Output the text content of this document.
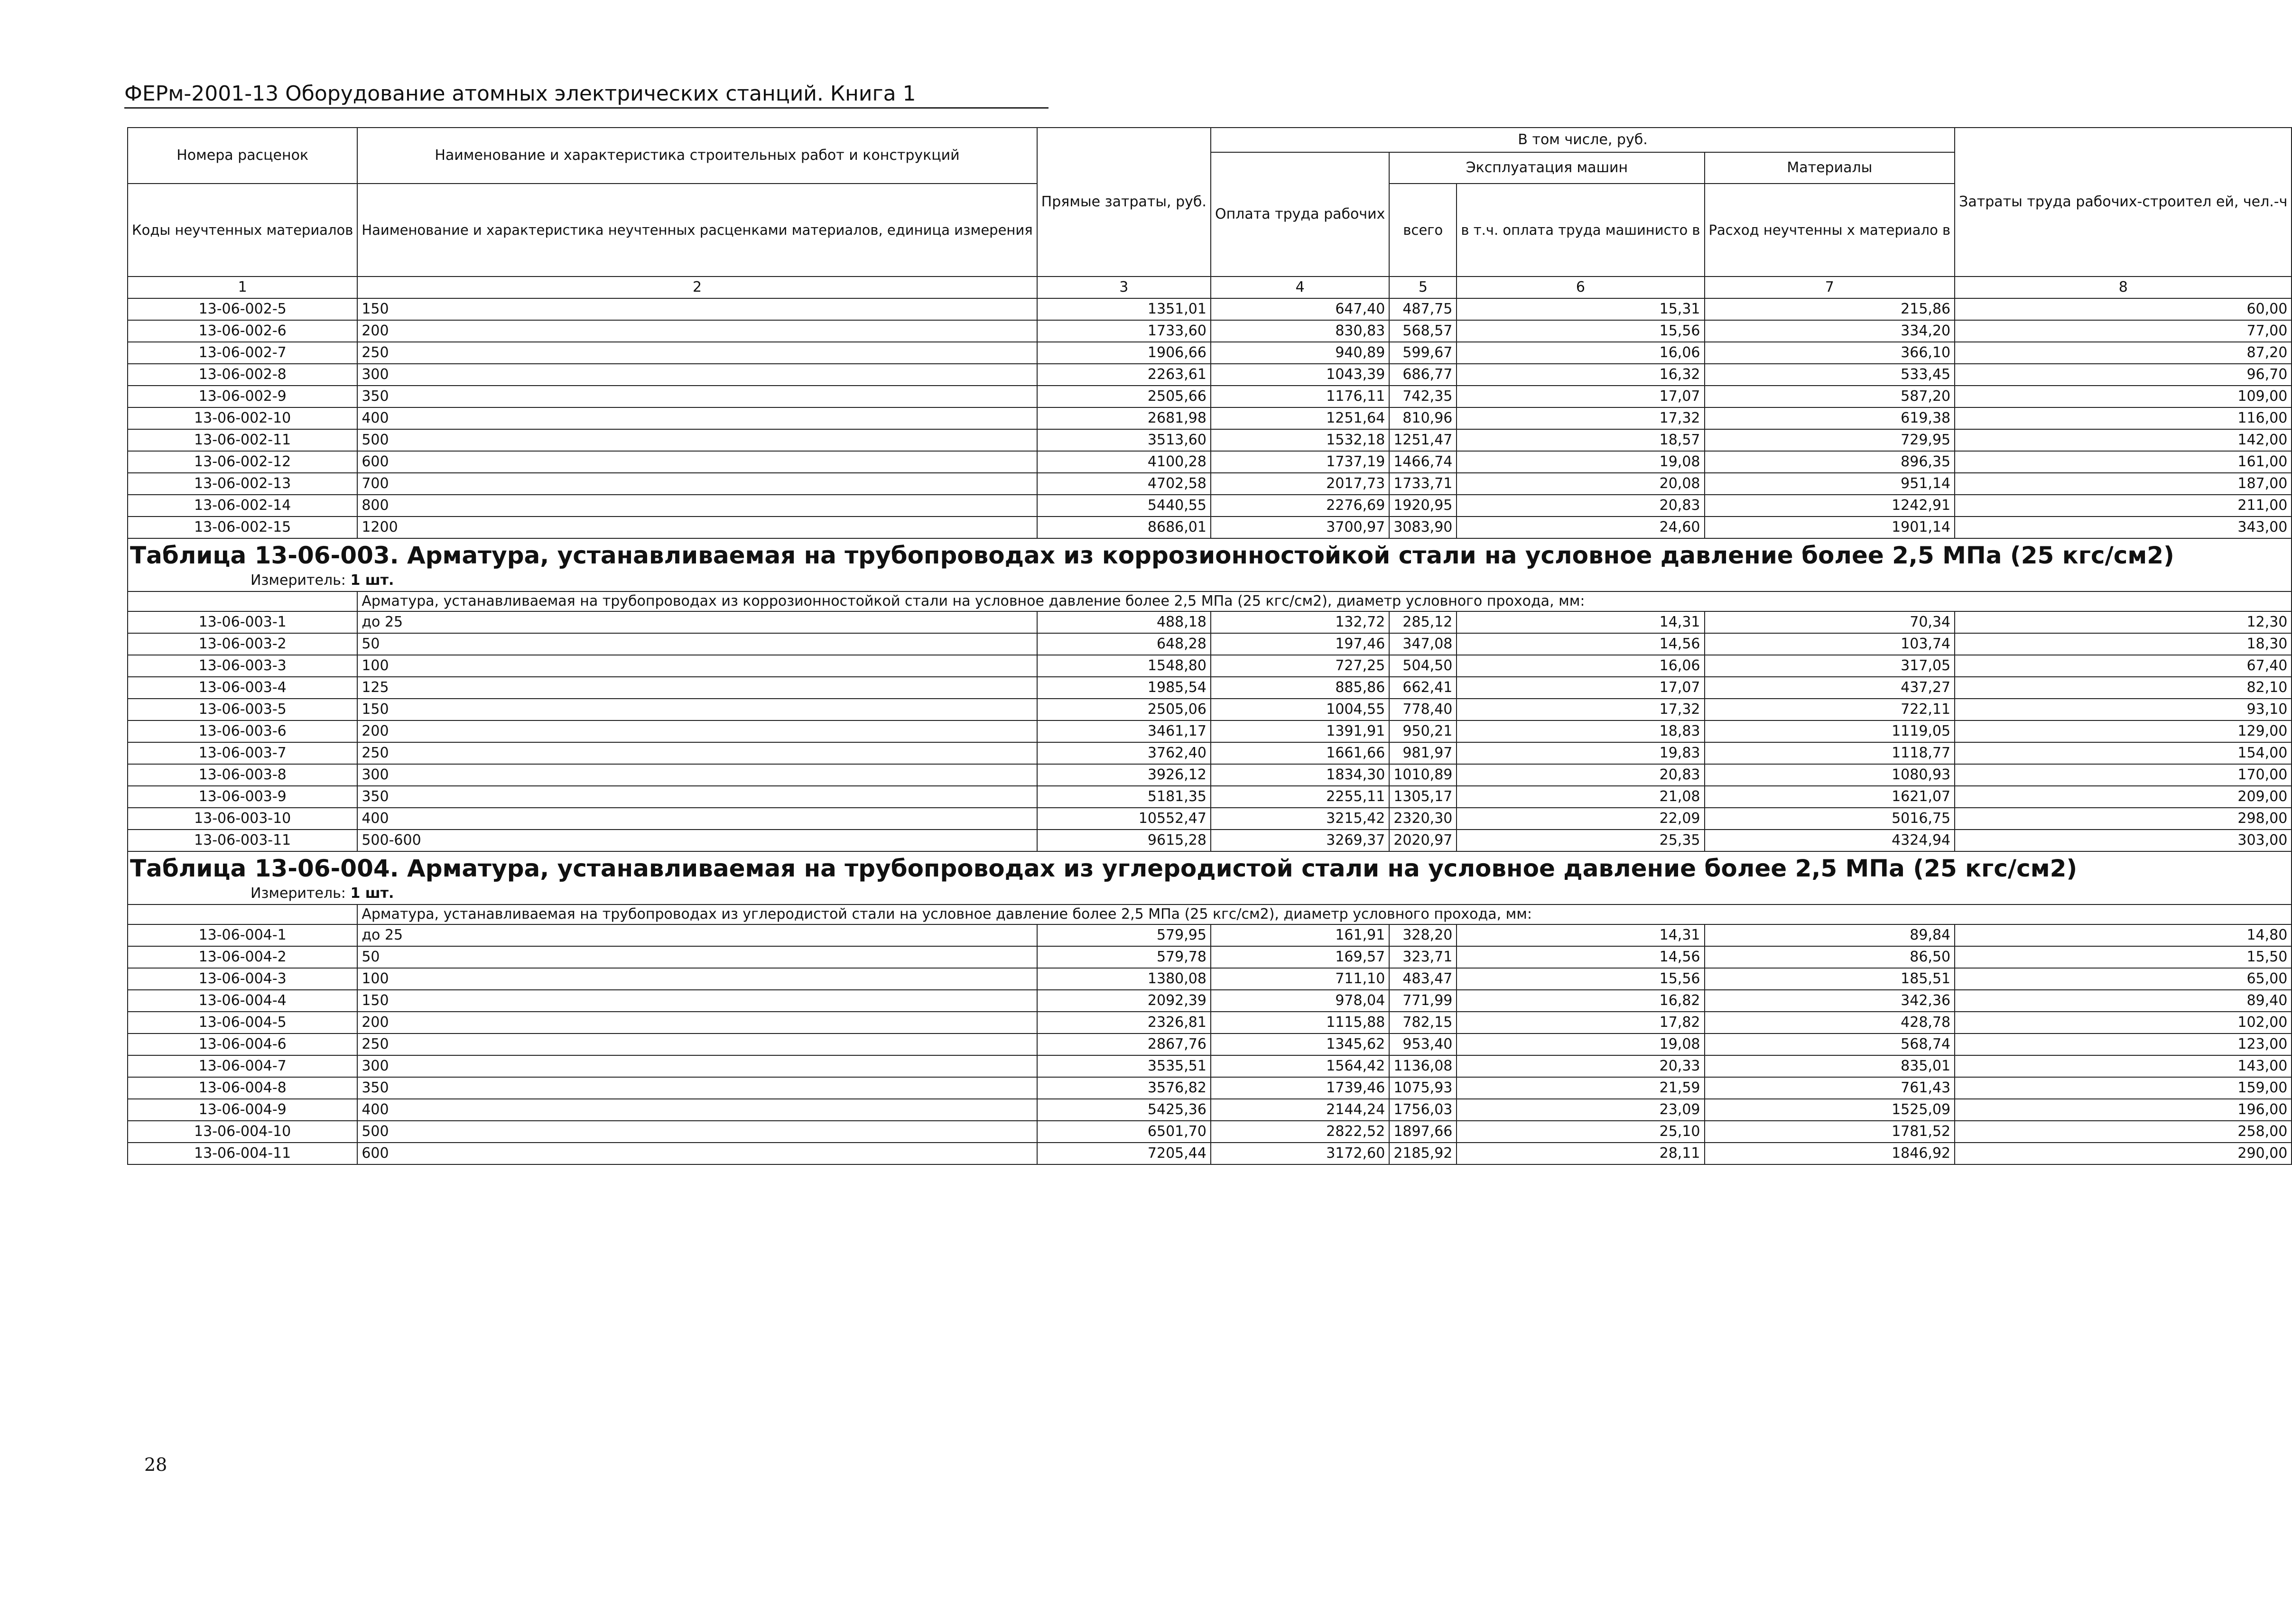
ФЕРм-2001-13 Оборудование атомных электрических станций. Книга 1
Номера расценок	Наименование и характеристика строительных работ и конструкций	Прямые затраты, руб.	В том числе, руб.				Затраты труда рабочих-строител ей, чел.-ч
			Оплата труда рабочих	Эксплуатация машин		Материалы	
Коды неучтенных материалов	Наименование и характеристика неучтенных расценками материалов, единица измерения			всего	в т.ч. оплата труда машинисто в	Расход неучтенны х материало в	
1	2	3	4	5	6	7	8
13-06-002-5	150	1351,01	647,40	487,75	15,31	215,86	60,00
13-06-002-6	200	1733,60	830,83	568,57	15,56	334,20	77,00
13-06-002-7	250	1906,66	940,89	599,67	16,06	366,10	87,20
13-06-002-8	300	2263,61	1043,39	686,77	16,32	533,45	96,70
13-06-002-9	350	2505,66	1176,11	742,35	17,07	587,20	109,00
13-06-002-10	400	2681,98	1251,64	810,96	17,32	619,38	116,00
13-06-002-11	500	3513,60	1532,18	1251,47	18,57	729,95	142,00
13-06-002-12	600	4100,28	1737,19	1466,74	19,08	896,35	161,00
13-06-002-13	700	4702,58	2017,73	1733,71	20,08	951,14	187,00
13-06-002-14	800	5440,55	2276,69	1920,95	20,83	1242,91	211,00
13-06-002-15	1200	8686,01	3700,97	3083,90	24,60	1901,14	343,00
Таблица 13-06-003. Арматура, устанавливаемая на трубопроводах из коррозионностойкой стали на условное давление более 2,5 МПа (25 кгс/см2)							
Измеритель: 1 шт.							
	Арматура, устанавливаемая на трубопроводах из коррозионностойкой стали на условное давление более 2,5 МПа (25 кгс/см2), диаметр условного прохода, мм:						
13-06-003-1	до 25	488,18	132,72	285,12	14,31	70,34	12,30
13-06-003-2	50	648,28	197,46	347,08	14,56	103,74	18,30
13-06-003-3	100	1548,80	727,25	504,50	16,06	317,05	67,40
13-06-003-4	125	1985,54	885,86	662,41	17,07	437,27	82,10
13-06-003-5	150	2505,06	1004,55	778,40	17,32	722,11	93,10
13-06-003-6	200	3461,17	1391,91	950,21	18,83	1119,05	129,00
13-06-003-7	250	3762,40	1661,66	981,97	19,83	1118,77	154,00
13-06-003-8	300	3926,12	1834,30	1010,89	20,83	1080,93	170,00
13-06-003-9	350	5181,35	2255,11	1305,17	21,08	1621,07	209,00
13-06-003-10	400	10552,47	3215,42	2320,30	22,09	5016,75	298,00
13-06-003-11	500-600	9615,28	3269,37	2020,97	25,35	4324,94	303,00
Таблица 13-06-004. Арматура, устанавливаемая на трубопроводах из углеродистой стали на условное давление более 2,5 МПа (25 кгс/см2)							
Измеритель: 1 шт.							
	Арматура, устанавливаемая на трубопроводах из углеродистой стали на условное давление более 2,5 МПа (25 кгс/см2), диаметр условного прохода, мм:						
13-06-004-1	до 25	579,95	161,91	328,20	14,31	89,84	14,80
13-06-004-2	50	579,78	169,57	323,71	14,56	86,50	15,50
13-06-004-3	100	1380,08	711,10	483,47	15,56	185,51	65,00
13-06-004-4	150	2092,39	978,04	771,99	16,82	342,36	89,40
13-06-004-5	200	2326,81	1115,88	782,15	17,82	428,78	102,00
13-06-004-6	250	2867,76	1345,62	953,40	19,08	568,74	123,00
13-06-004-7	300	3535,51	1564,42	1136,08	20,33	835,01	143,00
13-06-004-8	350	3576,82	1739,46	1075,93	21,59	761,43	159,00
13-06-004-9	400	5425,36	2144,24	1756,03	23,09	1525,09	196,00
13-06-004-10	500	6501,70	2822,52	1897,66	25,10	1781,52	258,00
13-06-004-11	600	7205,44	3172,60	2185,92	28,11	1846,92	290,00
28
